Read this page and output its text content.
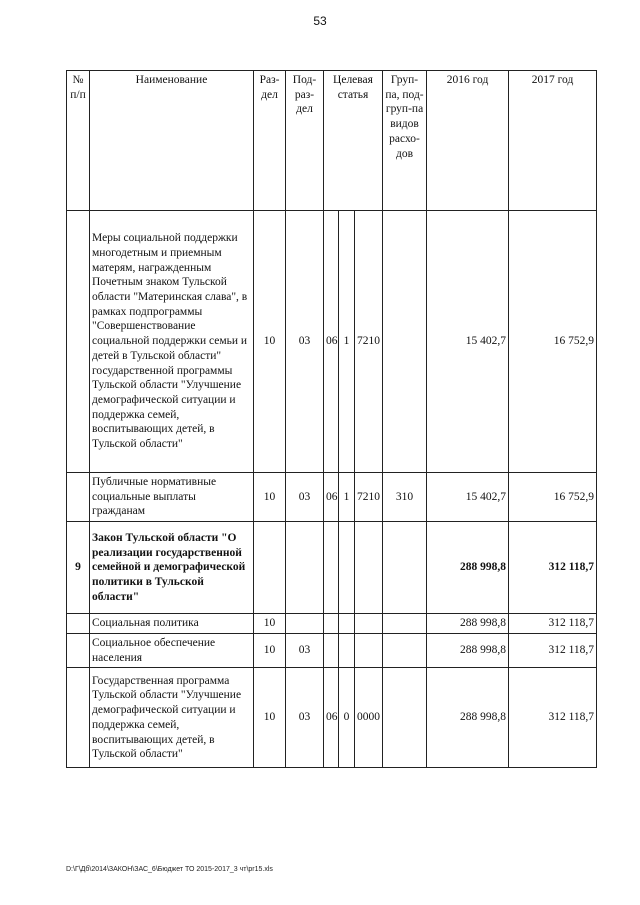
53
№ п/п	Наименование	Раз-дел	Под-раз-дел	Целевая статья			Груп-па, под-груп-па видов расхо-дов	2016 год	2017 год
	Меры социальной поддержки многодетным и приемным матерям, награжденным Почетным знаком Тульской области "Материнская слава", в рамках подпрограммы "Совершенствование социальной поддержки семьи и детей в Тульской области" государственной программы Тульской области "Улучшение демографической ситуации и поддержка семей, воспитывающих детей, в Тульской области"	10	03	06	1	7210		15 402,7	16 752,9
	Публичные нормативные социальные выплаты гражданам	10	03	06	1	7210	310	15 402,7	16 752,9
9	Закон Тульской области "О реализации государственной семейной и демографической политики в Тульской области"							288 998,8	312 118,7
	Социальная политика	10						288 998,8	312 118,7
	Социальное обеспечение населения	10	03					288 998,8	312 118,7
	Государственная программа Тульской области "Улучшение демографической ситуации и поддержка семей, воспитывающих детей, в Тульской области"	10	03	06	0	0000		288 998,8	312 118,7
D:\Г\Дб\2014\ЗАКОН\ЗАС_6\Бюджет ТО 2015-2017_3 чт\pr15.xls
